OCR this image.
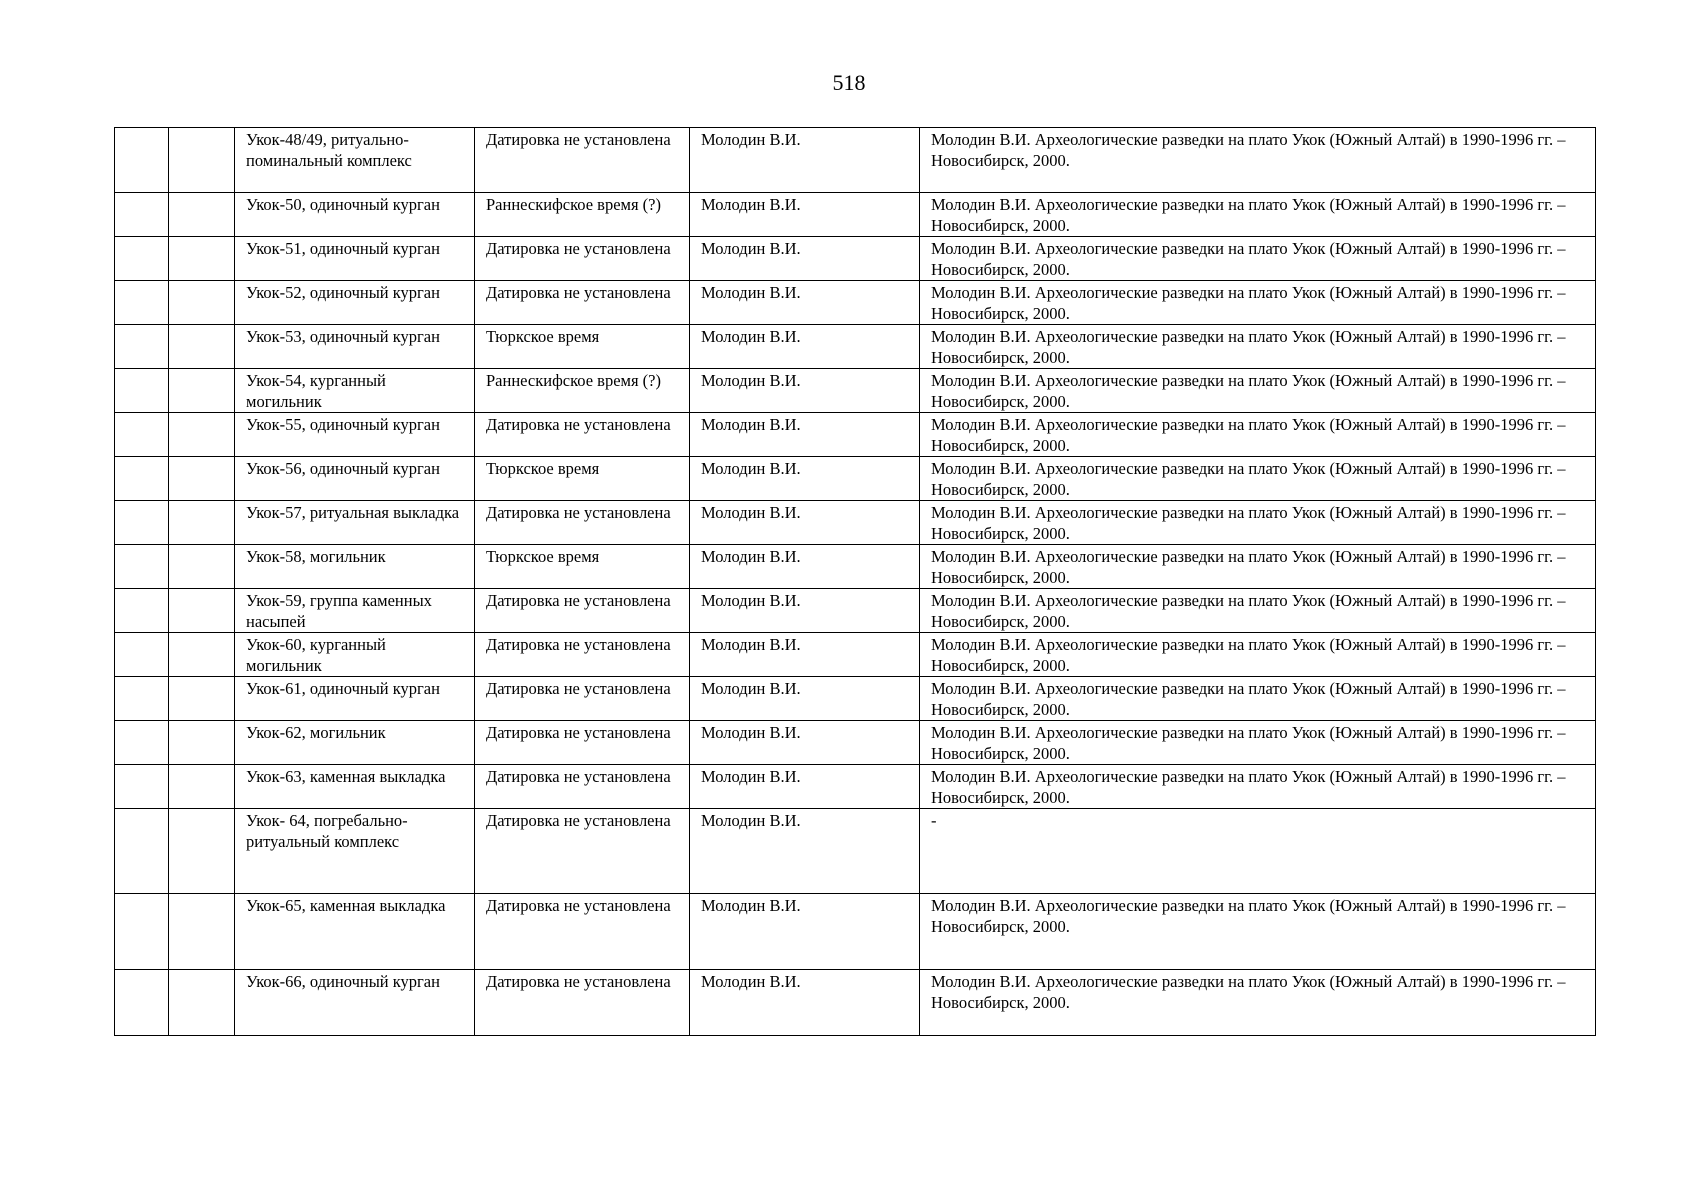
518
		Укок-48/49, ритуально-поминальный комплекс	Датировка не установлена	Молодин В.И.	Молодин В.И. Археологические разведки на плато Укок (Южный Алтай) в 1990-1996 гг. – Новосибирск, 2000.
		Укок-50, одиночный курган	Раннескифское время (?)	Молодин В.И.	Молодин В.И. Археологические разведки на плато Укок (Южный Алтай) в 1990-1996 гг. – Новосибирск, 2000.
		Укок-51, одиночный курган	Датировка не установлена	Молодин В.И.	Молодин В.И. Археологические разведки на плато Укок (Южный Алтай) в 1990-1996 гг. – Новосибирск, 2000.
		Укок-52, одиночный курган	Датировка не установлена	Молодин В.И.	Молодин В.И. Археологические разведки на плато Укок (Южный Алтай) в 1990-1996 гг. – Новосибирск, 2000.
		Укок-53, одиночный курган	Тюркское время	Молодин В.И.	Молодин В.И. Археологические разведки на плато Укок (Южный Алтай) в 1990-1996 гг. – Новосибирск, 2000.
		Укок-54, курганный могильник	Раннескифское время (?)	Молодин В.И.	Молодин В.И. Археологические разведки на плато Укок (Южный Алтай) в 1990-1996 гг. – Новосибирск, 2000.
		Укок-55, одиночный курган	Датировка не установлена	Молодин В.И.	Молодин В.И. Археологические разведки на плато Укок (Южный Алтай) в 1990-1996 гг. – Новосибирск, 2000.
		Укок-56, одиночный курган	Тюркское время	Молодин В.И.	Молодин В.И. Археологические разведки на плато Укок (Южный Алтай) в 1990-1996 гг. – Новосибирск, 2000.
		Укок-57, ритуальная выкладка	Датировка не установлена	Молодин В.И.	Молодин В.И. Археологические разведки на плато Укок (Южный Алтай) в 1990-1996 гг. – Новосибирск, 2000.
		Укок-58, могильник	Тюркское время	Молодин В.И.	Молодин В.И. Археологические разведки на плато Укок (Южный Алтай) в 1990-1996 гг. – Новосибирск, 2000.
		Укок-59, группа каменных насыпей	Датировка не установлена	Молодин В.И.	Молодин В.И. Археологические разведки на плато Укок (Южный Алтай) в 1990-1996 гг. – Новосибирск, 2000.
		Укок-60, курганный могильник	Датировка не установлена	Молодин В.И.	Молодин В.И. Археологические разведки на плато Укок (Южный Алтай) в 1990-1996 гг. – Новосибирск, 2000.
		Укок-61, одиночный курган	Датировка не установлена	Молодин В.И.	Молодин В.И. Археологические разведки на плато Укок (Южный Алтай) в 1990-1996 гг. – Новосибирск, 2000.
		Укок-62, могильник	Датировка не установлена	Молодин В.И.	Молодин В.И. Археологические разведки на плато Укок (Южный Алтай) в 1990-1996 гг. – Новосибирск, 2000.
		Укок-63, каменная выкладка	Датировка не установлена	Молодин В.И.	Молодин В.И. Археологические разведки на плато Укок (Южный Алтай) в 1990-1996 гг. – Новосибирск, 2000.
		Укок- 64, погребально-ритуальный комплекс	Датировка не установлена	Молодин В.И.	-
		Укок-65, каменная выкладка	Датировка не установлена	Молодин В.И.	Молодин В.И. Археологические разведки на плато Укок (Южный Алтай) в 1990-1996 гг. – Новосибирск, 2000.
		Укок-66, одиночный курган	Датировка не установлена	Молодин В.И.	Молодин В.И. Археологические разведки на плато Укок (Южный Алтай) в 1990-1996 гг. – Новосибирск, 2000.
